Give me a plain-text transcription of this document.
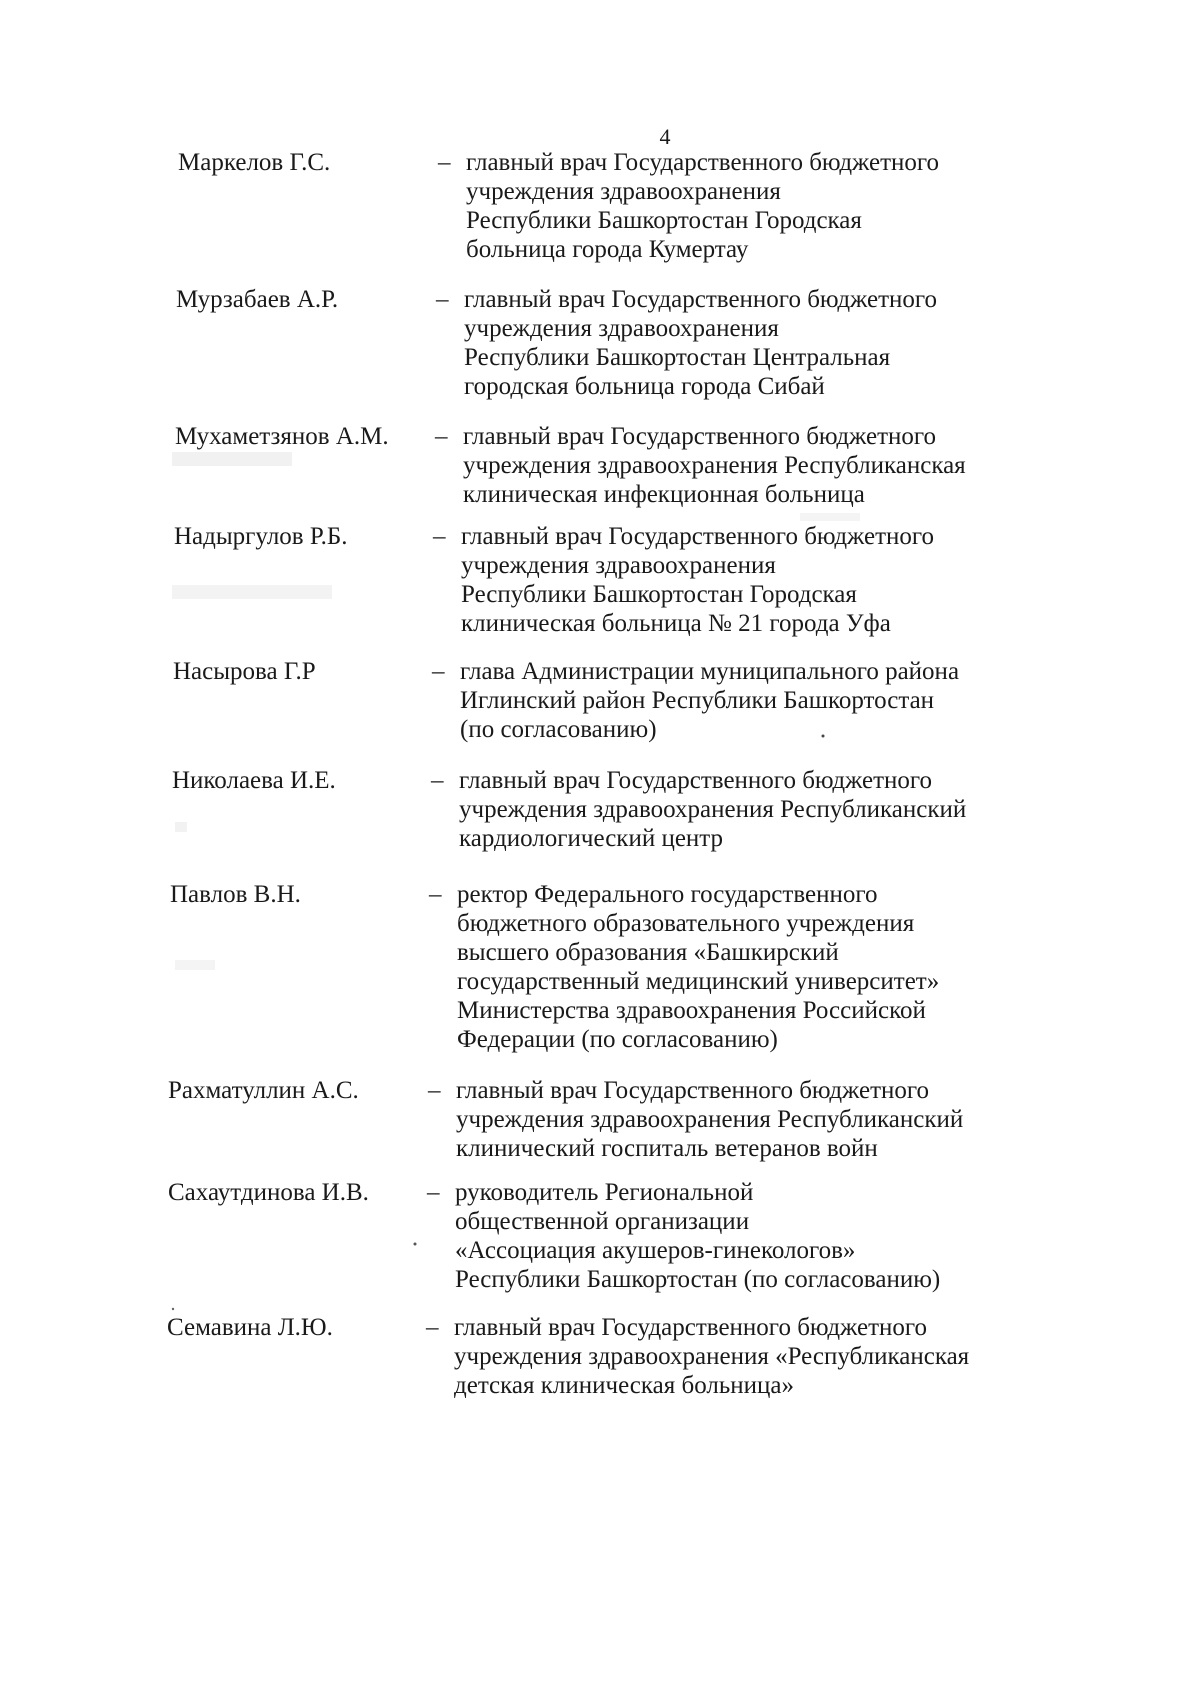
4
Маркелов Г.С.	– главный врач Государственного бюджетного
учреждения здравоохранения
Республики Башкортостан Городская
больница города Кумертау
Мурзабаев А.Р.	– главный врач Государственного бюджетного
учреждения здравоохранения
Республики Башкортостан Центральная
городская больница города Сибай
Мухаметзянов А.М. – главный врач Государственного бюджетного
учреждения здравоохранения Республиканская
клиническая инфекционная больница
Надыргулов Р.Б.	– главный врач Государственного бюджетного
учреждения здравоохранения
Республики Башкортостан Городская
клиническая больница № 21 города Уфа
Насырова Г.Р	– глава Администрации муниципального района
Иглинский район Республики Башкортостан
(по согласованию)
Николаева И.Е.	– главный врач Государственного бюджетного
учреждения здравоохранения Республиканский
кардиологический центр
Павлов В.Н.	– ректор Федерального государственного
бюджетного образовательного учреждения
высшего образования «Башкирский
государственный медицинский университет»
Министерства здравоохранения Российской
Федерации (по согласованию)
Рахматуллин А.С.	– главный врач Государственного бюджетного
учреждения здравоохранения Республиканский
клинический госпиталь ветеранов войн
Сахаутдинова И.В. – руководитель Региональной
общественной организации
«Ассоциация акушеров-гинекологов»
Республики Башкортостан (по согласованию)
Семавина Л.Ю.	– главный врач Государственного бюджетного
учреждения здравоохранения «Республиканская
детская клиническая больница»
